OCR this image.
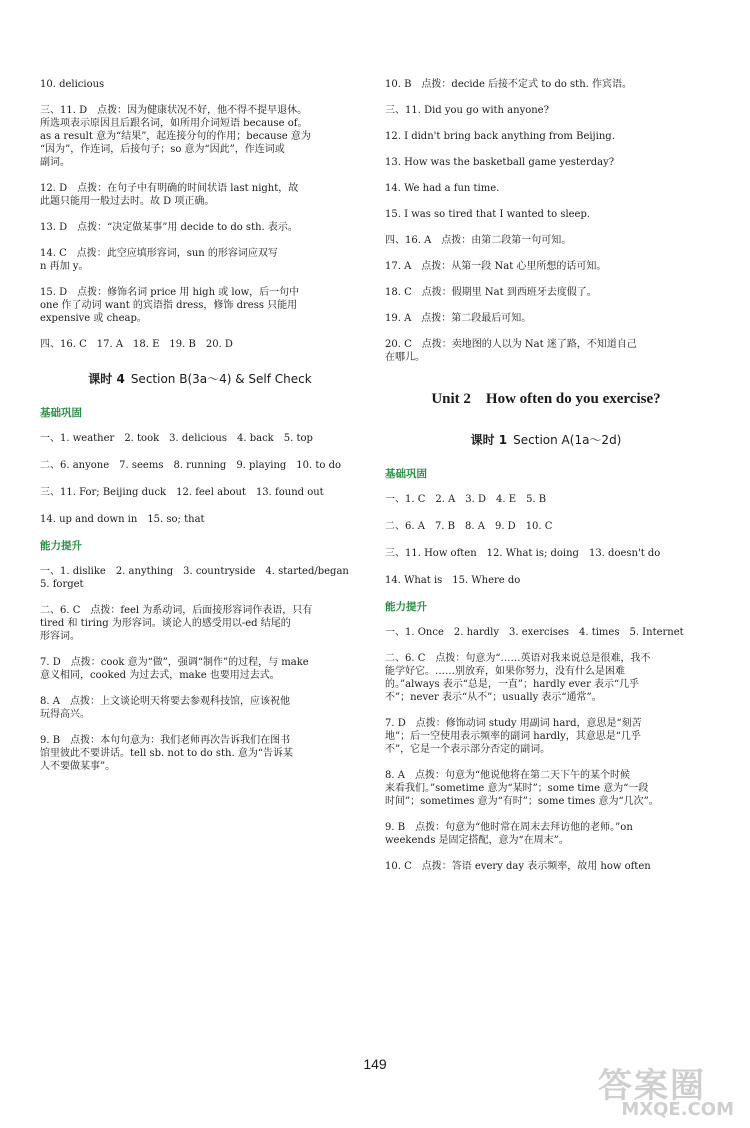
10. delicious

三、11. D　点拨：因为健康状况不好，他不得不提早退休。

所选项表示原因且后跟名词，如所用介词短语 because of。

as a result 意为“结果”，起连接分句的作用；because 意为

“因为”，作连词，后接句子；so 意为“因此”，作连词或

副词。

12. D　点拨：在句子中有明确的时间状语 last night，故

此题只能用一般过去时。故 D 项正确。

13. D　点拨：“决定做某事”用 decide to do sth. 表示。

14. C　点拨：此空应填形容词，sun 的形容词应双写

n 再加 y。

15. D　点拨：修饰名词 price 用 high 或 low，后一句中

one 作了动词 want 的宾语指 dress，修饰 dress 只能用

expensive 或 cheap。

四、16. C　17. A　18. E　19. B　20. D

课时 4 Section B(3a～4) & Self Check
基础巩固
一、1. weather　2. took　3. delicious　4. back　5. top
二、6. anyone　7. seems　8. running　9. playing　10. to do
三、11. For; Beijing duck　12. feel about　13. found out
14. up and down in　15. so; that
能力提升

一、1. dislike　2. anything　3. countryside　4. started/began

5. forget

二、6. C　点拨：feel 为系动词，后面接形容词作表语，只有

tired 和 tiring 为形容词。谈论人的感受用以-ed 结尾的

形容词。

7. D　点拨：cook 意为“做”，强调“制作”的过程，与 make

意义相同，cooked 为过去式，make 也要用过去式。

8. A　点拨：上文谈论明天将要去参观科技馆，应该祝他

玩得高兴。

9. B　点拨：本句句意为：我们老师再次告诉我们在图书

馆里彼此不要讲话。tell sb. not to do sth. 意为“告诉某

人不要做某事”。

10. B　点拨：decide 后接不定式 to do sth. 作宾语。

三、11. Did you go with anyone?

12. I didn't bring back anything from Beijing.

13. How was the basketball game yesterday?

14. We had a fun time.

15. I was so tired that I wanted to sleep.

四、16. A　点拨：由第二段第一句可知。

17. A　点拨：从第一段 Nat 心里所想的话可知。

18. C　点拨：假期里 Nat 到西班牙去度假了。

19. A　点拨：第二段最后可知。

20. C　点拨：卖地图的人以为 Nat 迷了路，不知道自己

在哪儿。

Unit 2　How often do you exercise?
课时 1 Section A(1a～2d)
基础巩固
一、1. C　2. A　3. D　4. E　5. B
二、6. A　7. B　8. A　9. D　10. C
三、11. How often　12. What is; doing　13. doesn't do
14. What is　15. Where do
能力提升

一、1. Once　2. hardly　3. exercises　4. times　5. Internet

二、6. C　点拨：句意为“……英语对我来说总是很难，我不

能学好它。……别放弃，如果你努力，没有什么是困难

的。”always 表示“总是，一直”；hardly ever 表示“几乎

不”；never 表示“从不”；usually 表示“通常”。

7. D　点拨：修饰动词 study 用副词 hard，意思是“刻苦

地”；后一空使用表示频率的副词 hardly，其意思是“几乎

不”，它是一个表示部分否定的副词。

8. A　点拨：句意为“他说他将在第二天下午的某个时候

来看我们。”sometime 意为“某时”；some time 意为“一段

时间”；sometimes 意为“有时”；some times 意为“几次”。

9. B　点拨：句意为“他时常在周末去拜访他的老师。”on

weekends 是固定搭配，意为“在周末”。

10. C　点拨：答语 every day 表示频率，故用 how often

149
答案圈
MXQE.COM
